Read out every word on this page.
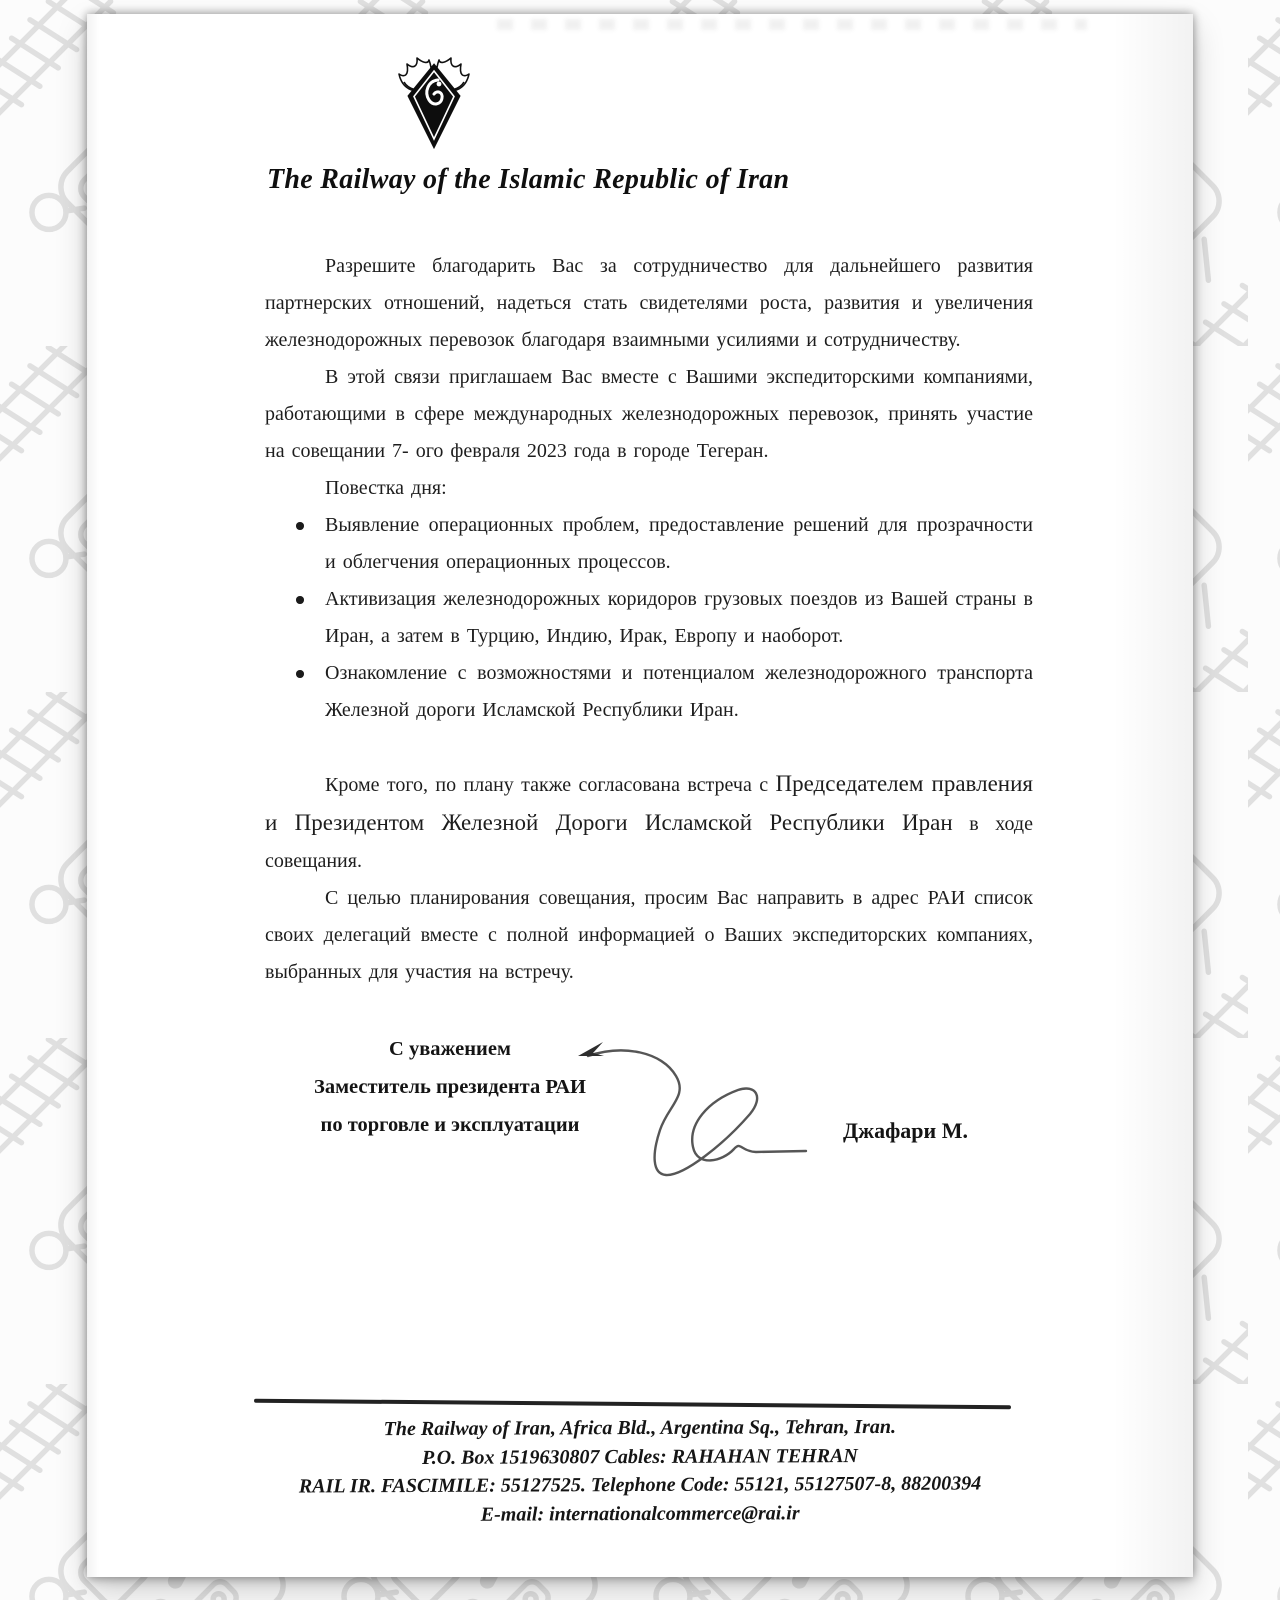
The Railway of the Islamic Republic of Iran

Разрешите благодарить Вас за сотрудничество для дальнейшего развития партнерских отношений, надеться стать свидетелями роста, развития и увеличения железнодорожных перевозок благодаря взаимными усилиями и сотрудничеству.

В этой связи приглашаем Вас вместе с Вашими экспедиторскими компаниями, работающими в сфере международных железнодорожных перевозок, принять участие на совещании 7- ого февраля 2023 года в городе Тегеран.

Повестка дня:
Выявление операционных проблем, предоставление решений для прозрачности и облегчения операционных процессов.
Активизация железнодорожных коридоров грузовых поездов из Вашей страны в Иран, а затем в Турцию, Индию, Ирак, Европу и наоборот.
Ознакомление с возможностями и потенциалом железнодорожного транспорта Железной дороги Исламской Республики Иран.

Кроме того, по плану также согласована встреча с Председателем правления и Президентом Железной Дороги Исламской Республики Иран в ходе совещания.

С целью планирования совещания, просим Вас направить в адрес РАИ список своих делегаций вместе с полной информацией о Ваших экспедиторских компаниях, выбранных для участия на встречу.

С уважением
Заместитель президента РАИ
по торговле и эксплуатации	Джафари М.
The Railway of Iran, Africa Bld., Argentina Sq., Tehran, Iran.
P.O. Box 1519630807 Cables: RAHAHAN TEHRAN
RAIL IR. FASCIMILE: 55127525. Telephone Code: 55121, 55127507-8, 88200394
E-mail: internationalcommerce@rai.ir
